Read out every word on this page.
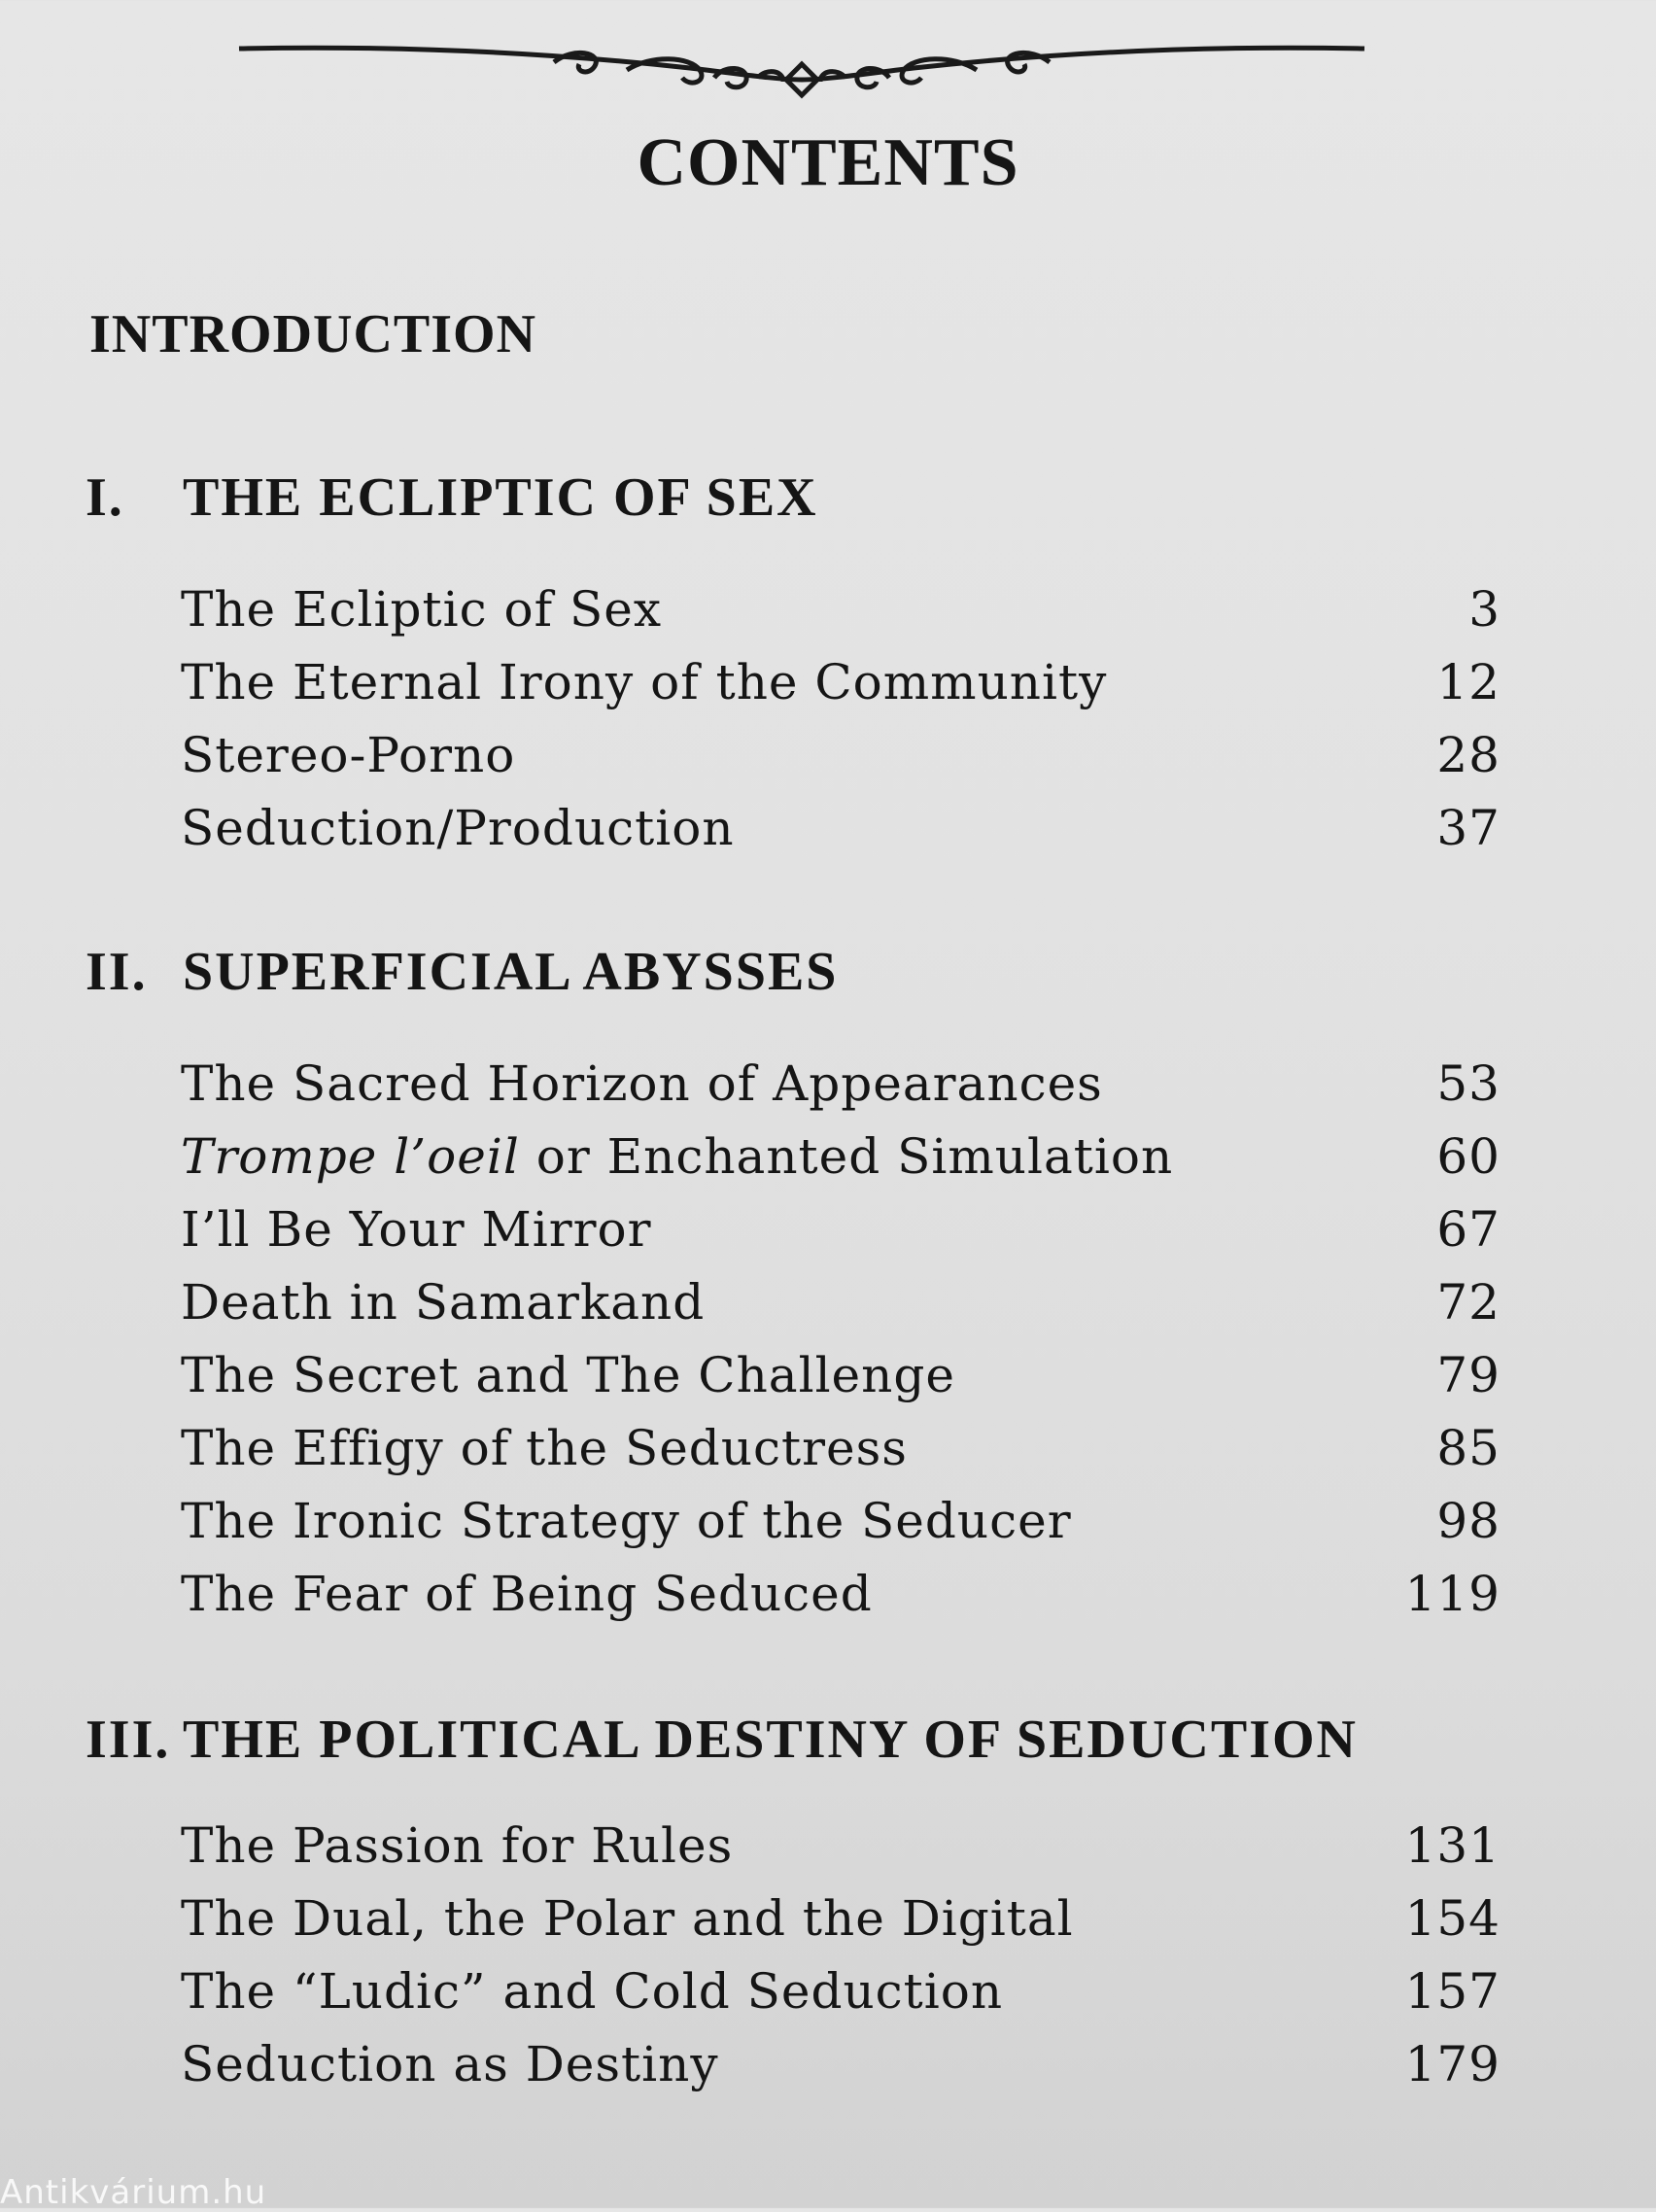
CONTENTS
INTRODUCTION
I. THE ECLIPTIC OF SEX
The Ecliptic of Sex	3
The Eternal Irony of the Community	12
Stereo-Porno	28
Seduction/Production	37
II. SUPERFICIAL ABYSSES
The Sacred Horizon of Appearances	53
Trompe l’oeil or Enchanted Simulation	60
I’ll Be Your Mirror	67
Death in Samarkand	72
The Secret and The Challenge	79
The Effigy of the Seductress	85
The Ironic Strategy of the Seducer	98
The Fear of Being Seduced	119
III. THE POLITICAL DESTINY OF SEDUCTION
The Passion for Rules	131
The Dual, the Polar and the Digital	154
The “Ludic” and Cold Seduction	157
Seduction as Destiny	179
Antikvárium.hu
